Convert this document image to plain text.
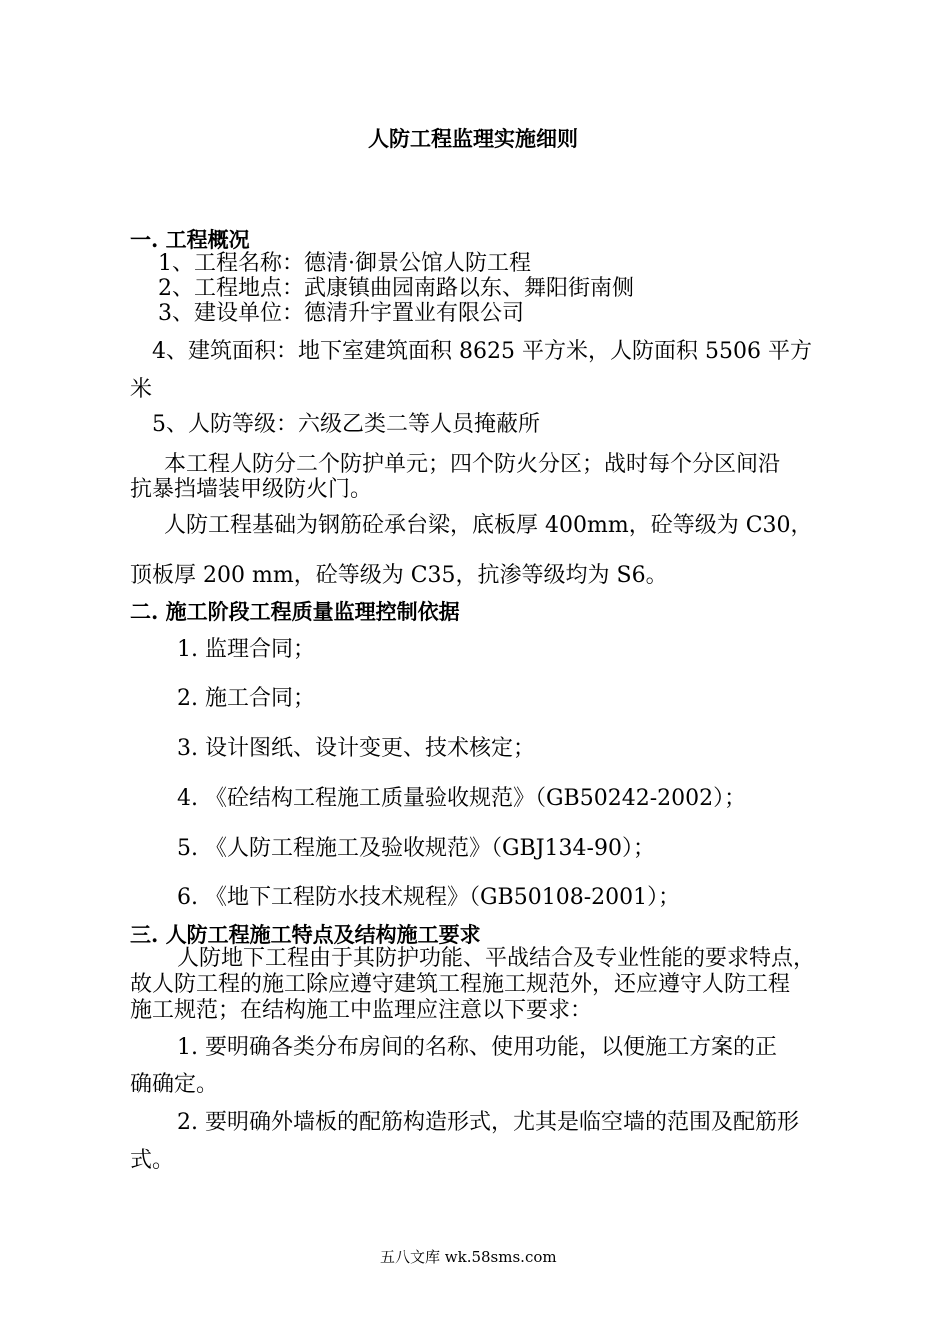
人防工程监理实施细则
一. 工程概况
1、工程名称：德清·御景公馆人防工程
2、工程地点：武康镇曲园南路以东、舞阳街南侧
3、建设单位：德清升宇置业有限公司
4、建筑面积：地下室建筑面积 8625 平方米，人防面积 5506 平方
米
5、人防等级：六级乙类二等人员掩蔽所
本工程人防分二个防护单元；四个防火分区；战时每个分区间沿
抗暴挡墙装甲级防火门。
人防工程基础为钢筋砼承台梁，底板厚 400mm，砼等级为 C30，
顶板厚 200 mm，砼等级为 C35，抗渗等级均为 S6。
二. 施工阶段工程质量监理控制依据
1. 监理合同；
2. 施工合同；
3. 设计图纸、设计变更、技术核定；
4. 《砼结构工程施工质量验收规范》（GB50242-2002）；
5. 《人防工程施工及验收规范》（GBJ134-90）；
6. 《地下工程防水技术规程》（GB50108-2001）；
三. 人防工程施工特点及结构施工要求
人防地下工程由于其防护功能、平战结合及专业性能的要求特点，
故人防工程的施工除应遵守建筑工程施工规范外，还应遵守人防工程
施工规范；在结构施工中监理应注意以下要求：
1. 要明确各类分布房间的名称、使用功能，以便施工方案的正
确确定。
2. 要明确外墙板的配筋构造形式，尤其是临空墙的范围及配筋形
式。
五八文库 wk.58sms.com
